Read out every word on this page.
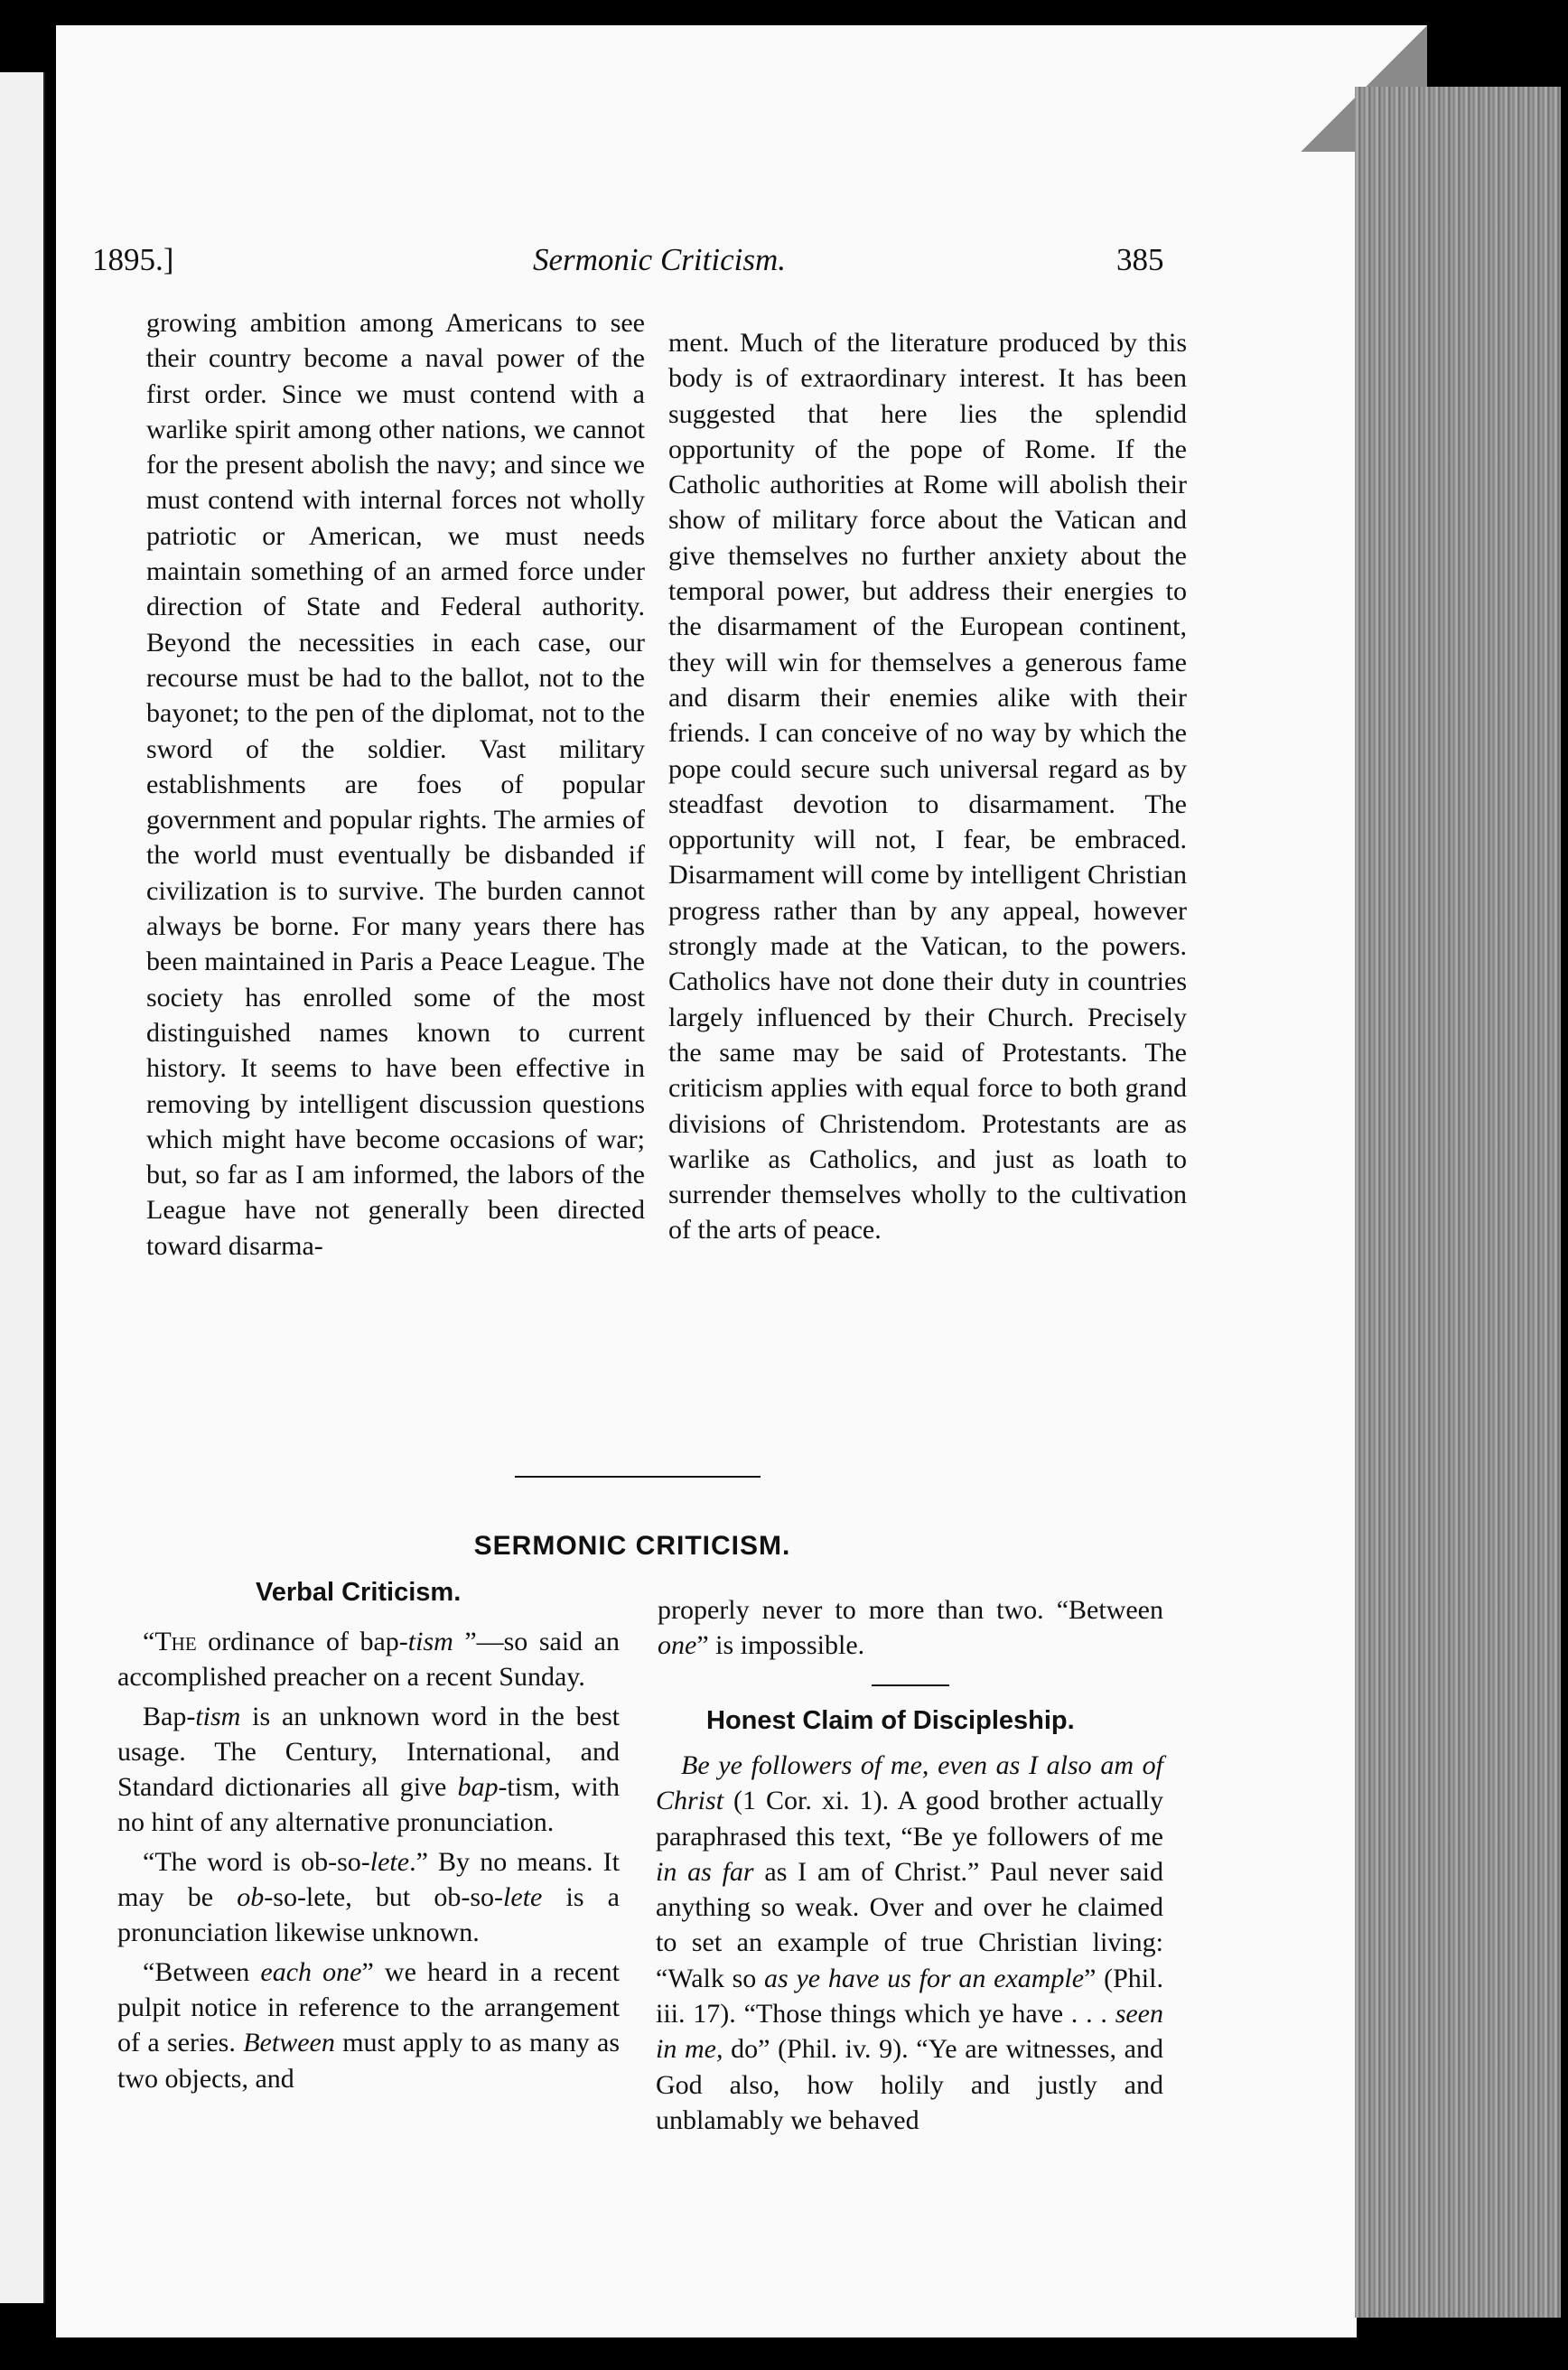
1895.]	Sermonic Criticism.	385

growing ambition among Americans to see their country become a naval power of the first order. Since we must contend with a warlike spirit among other nations, we cannot for the present abolish the navy; and since we must contend with internal forces not wholly patriotic or American, we must needs maintain something of an armed force under direction of State and Federal authority. Beyond the necessities in each case, our recourse must be had to the ballot, not to the bayonet; to the pen of the diplomat, not to the sword of the soldier. Vast military establishments are foes of popular government and popular rights. The armies of the world must eventually be disbanded if civilization is to survive. The burden cannot always be borne. For many years there has been maintained in Paris a Peace League. The society has enrolled some of the most distinguished names known to current history. It seems to have been effective in removing by intelligent discussion questions which might have become occasions of war; but, so far as I am informed, the labors of the League have not generally been directed toward disarma-

ment. Much of the literature produced by this body is of extraordinary interest. It has been suggested that here lies the splendid opportunity of the pope of Rome. If the Catholic authorities at Rome will abolish their show of military force about the Vatican and give themselves no further anxiety about the temporal power, but address their energies to the disarmament of the European continent, they will win for themselves a generous fame and disarm their enemies alike with their friends. I can conceive of no way by which the pope could secure such universal regard as by steadfast devotion to disarmament. The opportunity will not, I fear, be embraced. Disarmament will come by intelligent Christian progress rather than by any appeal, however strongly made at the Vatican, to the powers. Catholics have not done their duty in countries largely influenced by their Church. Precisely the same may be said of Protestants. The criticism applies with equal force to both grand divisions of Christendom. Protestants are as warlike as Catholics, and just as loath to surrender themselves wholly to the cultivation of the arts of peace.

SERMONIC CRITICISM.
Verbal Criticism.

“The ordinance of bap-tism ”—so said an accomplished preacher on a recent Sunday.

Bap-tism is an unknown word in the best usage. The Century, International, and Standard dictionaries all give bap-tism, with no hint of any alternative pronunciation.

“The word is ob-so-lete.” By no means. It may be ob-so-lete, but ob-so-lete is a pronunciation likewise unknown.

“Between each one” we heard in a recent pulpit notice in reference to the arrangement of a series. Between must apply to as many as two objects, and

properly never to more than two. “Between one” is impossible.

Honest Claim of Discipleship.

Be ye followers of me, even as I also am of Christ (1 Cor. xi. 1). A good brother actually paraphrased this text, “Be ye followers of me in as far as I am of Christ.” Paul never said anything so weak. Over and over he claimed to set an example of true Christian living: “Walk so as ye have us for an example” (Phil. iii. 17). “Those things which ye have . . . seen in me, do” (Phil. iv. 9). “Ye are witnesses, and God also, how holily and justly and unblamably we behaved
